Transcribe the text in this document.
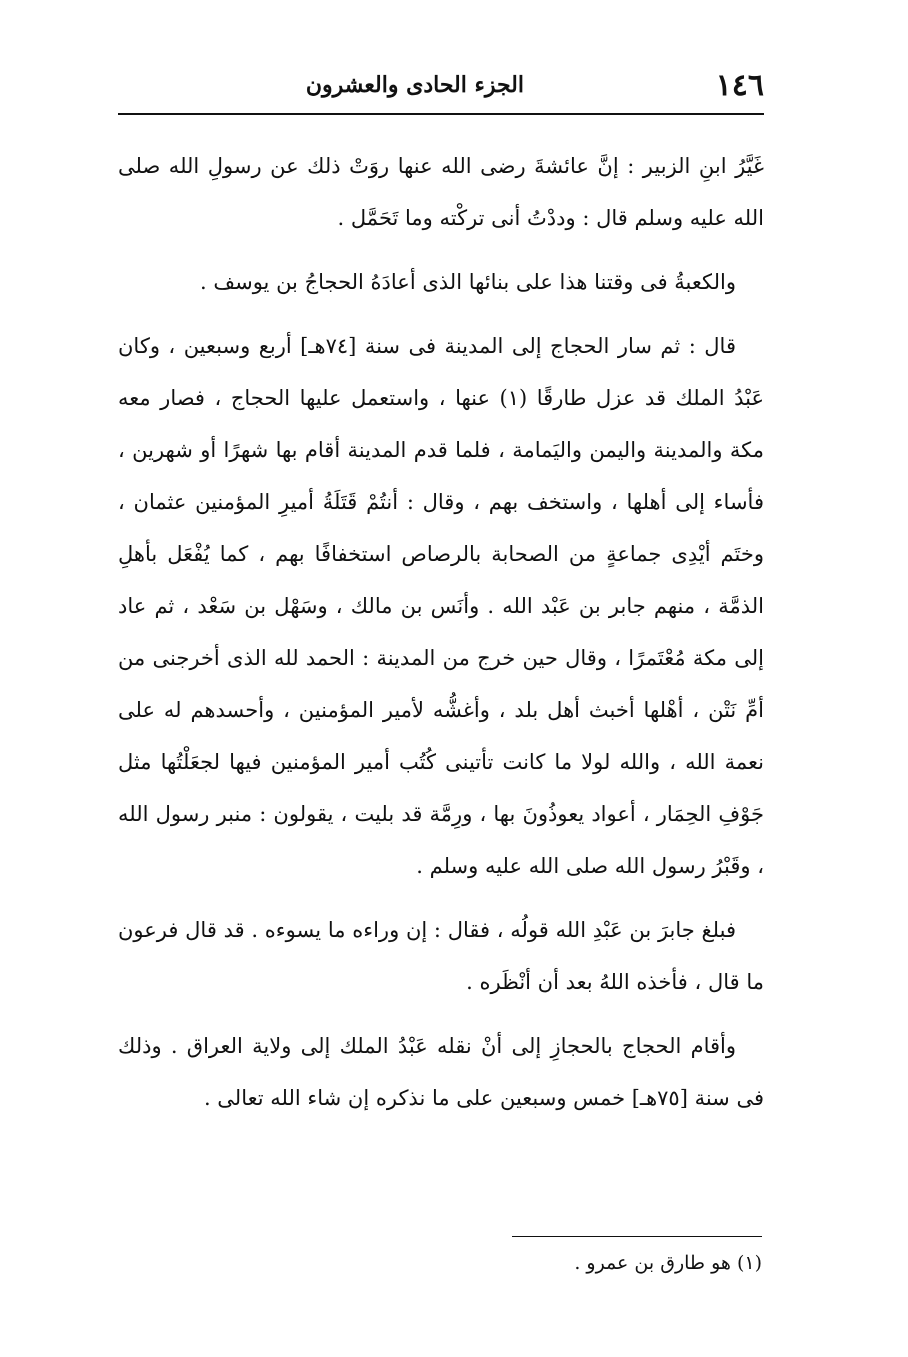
١٤٦
الجزء الحادى والعشرون

غَيَّرُ ابنِ الزبير : إنَّ عائشةَ رضى الله عنها روَتْ ذلك عن رسولِ الله صلى الله عليه وسلم قال : وددْتُ أنى تركْته وما تَحَمَّل .

والكعبةُ فى وقتنا هذا على بنائها الذى أعادَهُ الحجاجُ بن يوسف .

قال : ثم سار الحجاج إلى المدينة فى سنة [٧٤هـ] أربع وسبعين ، وكان عَبْدُ الملك قد عزل طارقًا (١) عنها ، واستعمل عليها الحجاج ، فصار معه مكة والمدينة واليمن واليَمامة ، فلما قدم المدينة أقام بها شهرًا أو شهرين ، فأساء إلى أهلها ، واستخف بهم ، وقال : أنتُمْ قَتَلَةُ أميرِ المؤمنين عثمان ، وختَم أيْدِى جماعةٍ من الصحابة بالرصاص استخفافًا بهم ، كما يُفْعَل بأهلِ الذمَّة ، منهم جابر بن عَبْد الله . وأنَس بن مالك ، وسَهْل بن سَعْد ، ثم عاد إلى مكة مُعْتَمرًا ، وقال حين خرج من المدينة : الحمد لله الذى أخرجنى من أمِّ نَتْن ، أهْلها أخبث أهل بلد ، وأغشُّه لأمير المؤمنين ، وأحسدهم له على نعمة الله ، والله لولا ما كانت تأتينى كُتُب أمير المؤمنين فيها لجعَلْتُها مثل جَوْفِ الحِمَار ، أعواد يعوذُونَ بها ، ورِمَّة قد بليت ، يقولون : منبر رسول الله ، وقَبْرُ رسول الله صلى الله عليه وسلم .

فبلغ جابرَ بن عَبْدِ الله قولُه ، فقال : إن وراءه ما يسوءه . قد قال فرعون ما قال ، فأخذه اللهُ بعد أن أنْظَره .

وأقام الحجاج بالحجازِ إلى أنْ نقله عَبْدُ الملك إلى ولاية العراق . وذلك فى سنة [٧٥هـ] خمس وسبعين على ما نذكره إن شاء الله تعالى .

(١) هو طارق بن عمرو .
